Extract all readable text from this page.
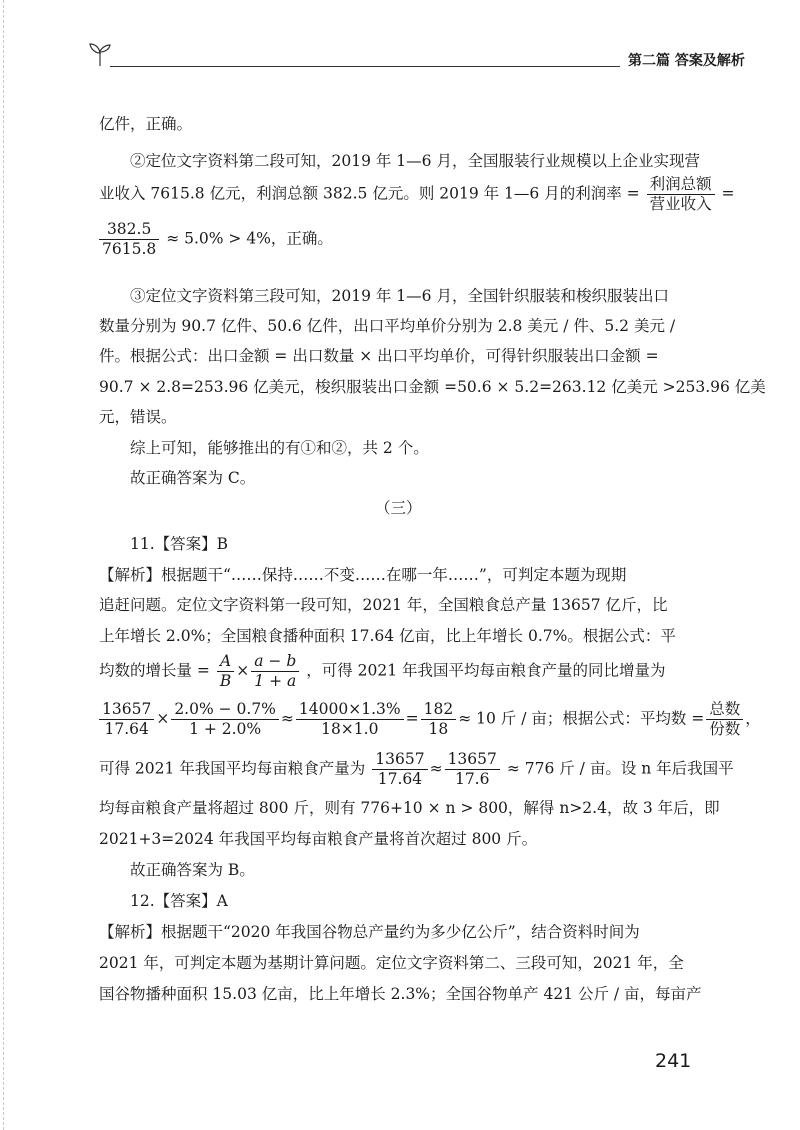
第二篇 答案及解析
亿件，正确。
②定位文字资料第二段可知，2019 年 1—6 月，全国服装行业规模以上企业实现营
业收入 7615.8 亿元，利润总额 382.5 亿元。则 2019 年 1—6 月的利润率 =
利润总额
营业收入
=
$\frac{382.5}{7615.8} \approx 5.0\% > 4\%$，正确。
③定位文字资料第三段可知，2019 年 1—6 月，全国针织服装和梭织服装出口
数量分别为 90.7 亿件、50.6 亿件，出口平均单价分别为 2.8 美元 / 件、5.2 美元 /
件。根据公式：出口金额 = 出口数量 × 出口平均单价，可得针织服装出口金额 =
90.7 × 2.8=253.96 亿美元，梭织服装出口金额 =50.6 × 5.2=263.12 亿美元 >253.96 亿美
元，错误。
综上可知，能够推出的有①和②，共 2 个。
故正确答案为 C。
（三）
11.【答案】B
【解析】根据题干“……保持……不变……在哪一年……”，可判定本题为现期
追赶问题。定位文字资料第一段可知，2021 年，全国粮食总产量 13657 亿斤，比
上年增长 2.0%；全国粮食播种面积 17.64 亿亩，比上年增长 0.7%。根据公式：平
均数的增长量 = $\frac{A}{B} \times \frac{a - b}{1 + a}$ ，可得 2021 年我国平均每亩粮食产量的同比增量为
$\frac{13657}{17.64} \times \frac{2.0\% - 0.7\%}{1 + 2.0\%} \approx \frac{14000\times 1.3\%}{18\times 1.0} = \frac{182}{18} \approx 10$ 斤 / 亩；根据公式：平均数 =
总数
份数
，
可得 2021 年我国平均每亩粮食产量为 $\frac{13657}{17.64} \approx \frac{13657}{17.6} \approx 776$ 斤 / 亩。设 n 年后我国平
均每亩粮食产量将超过 800 斤，则有 776+10 × n > 800，解得 n>2.4，故 3 年后，即
2021+3=2024 年我国平均每亩粮食产量将首次超过 800 斤。
故正确答案为 B。
12.【答案】A
【解析】根据题干“2020 年我国谷物总产量约为多少亿公斤”，结合资料时间为
2021 年，可判定本题为基期计算问题。定位文字资料第二、三段可知，2021 年，全
国谷物播种面积 15.03 亿亩，比上年增长 2.3%；全国谷物单产 421 公斤 / 亩，每亩产
241
